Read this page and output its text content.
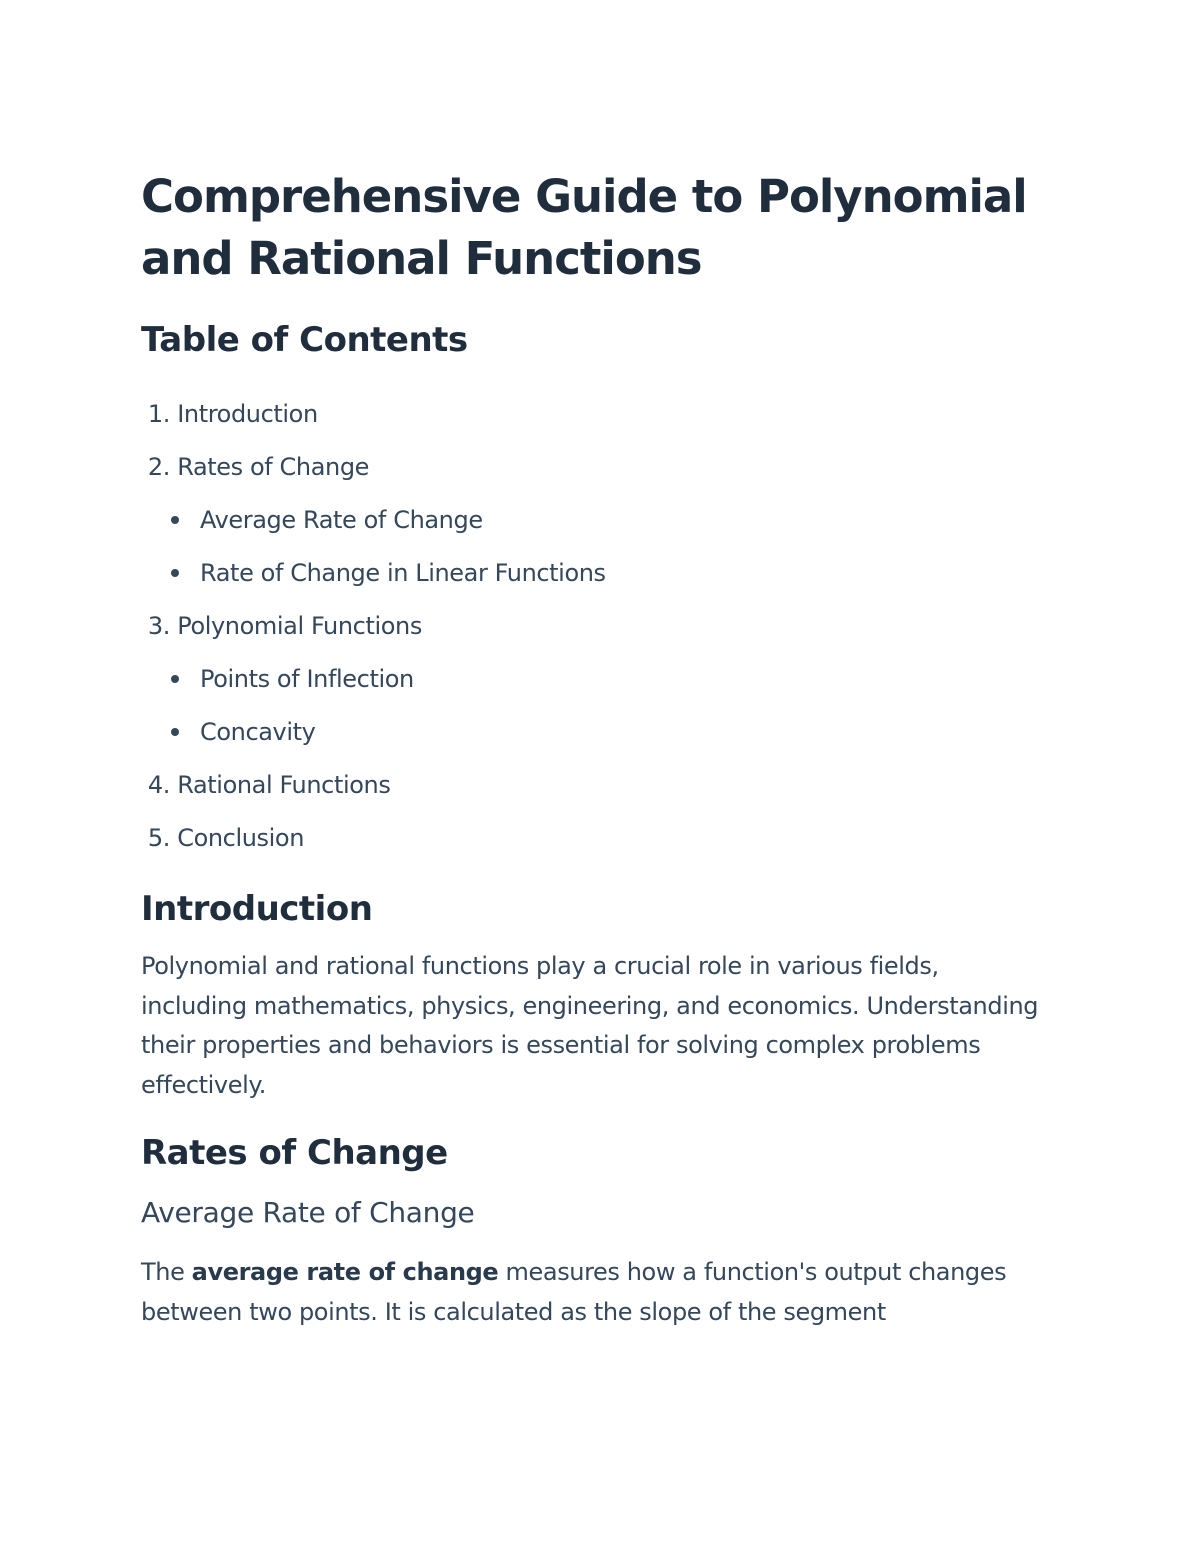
Comprehensive Guide to Polynomial and Rational Functions
Table of Contents
1. Introduction
2. Rates of Change
Average Rate of Change
Rate of Change in Linear Functions
3. Polynomial Functions
Points of Inflection
Concavity
4. Rational Functions
5. Conclusion
Introduction

Polynomial and rational functions play a crucial role in various fields, including mathematics, physics, engineering, and economics. Understanding their properties and behaviors is essential for solving complex problems effectively.

Rates of Change
Average Rate of Change

The average rate of change measures how a function's output changes between two points. It is calculated as the slope of the segment
